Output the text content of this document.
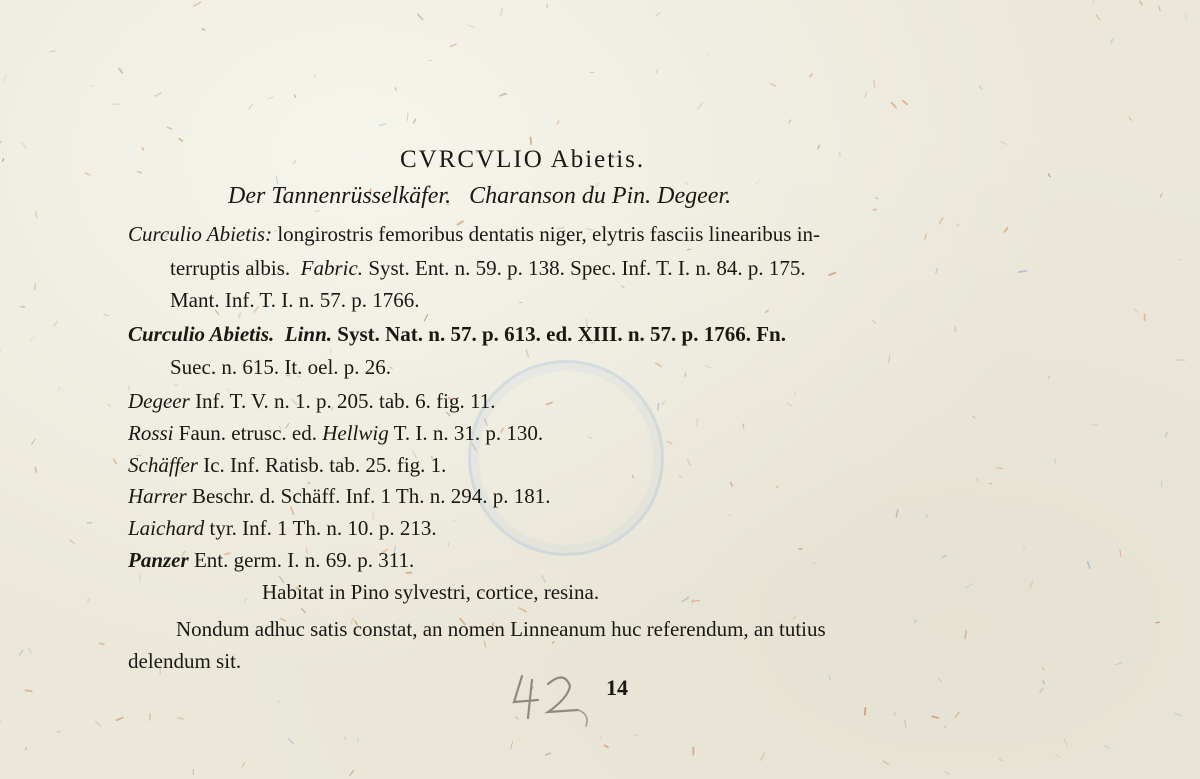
CVRCVLIO Abietis.
Der Tannenrüsselkäfer. Charanson du Pin. Degeer.
Curculio Abietis: longirostris femoribus dentatis niger, elytris fasciis linearibus in-
terruptis albis. Fabric. Syst. Ent. n. 59. p. 138. Spec. Inf. T. I. n. 84. p. 175.
Mant. Inf. T. I. n. 57. p. 1766.
Curculio Abietis. Linn. Syst. Nat. n. 57. p. 613. ed. XIII. n. 57. p. 1766. Fn.
Suec. n. 615. It. oel. p. 26.
Degeer Inf. T. V. n. 1. p. 205. tab. 6. fig. 11.
Rossi Faun. etrusc. ed. Hellwig T. I. n. 31. p. 130.
Schäffer Ic. Inf. Ratisb. tab. 25. fig. 1.
Harrer Beschr. d. Schäff. Inf. 1 Th. n. 294. p. 181.
Laichard tyr. Inf. 1 Th. n. 10. p. 213.
Panzer Ent. germ. I. n. 69. p. 311.
Habitat in Pino sylvestri, cortice, resina.
Nondum adhuc satis constat, an nomen Linneanum huc referendum, an tutius
delendum sit.
14
